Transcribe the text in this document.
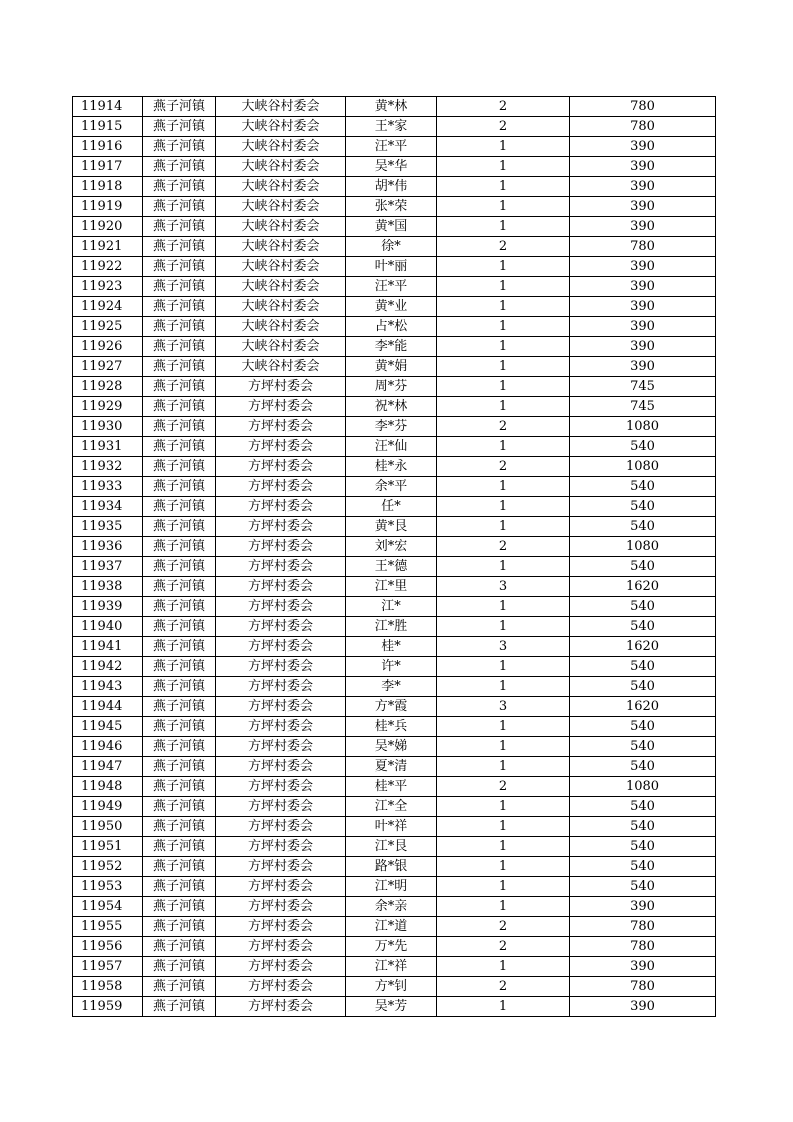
11914	燕子河镇	大峡谷村委会	黄*林	2	780
11915	燕子河镇	大峡谷村委会	王*家	2	780
11916	燕子河镇	大峡谷村委会	汪*平	1	390
11917	燕子河镇	大峡谷村委会	吴*华	1	390
11918	燕子河镇	大峡谷村委会	胡*伟	1	390
11919	燕子河镇	大峡谷村委会	张*荣	1	390
11920	燕子河镇	大峡谷村委会	黄*国	1	390
11921	燕子河镇	大峡谷村委会	徐*	2	780
11922	燕子河镇	大峡谷村委会	叶*丽	1	390
11923	燕子河镇	大峡谷村委会	汪*平	1	390
11924	燕子河镇	大峡谷村委会	黄*业	1	390
11925	燕子河镇	大峡谷村委会	占*松	1	390
11926	燕子河镇	大峡谷村委会	李*能	1	390
11927	燕子河镇	大峡谷村委会	黄*娟	1	390
11928	燕子河镇	方坪村委会	周*芬	1	745
11929	燕子河镇	方坪村委会	祝*林	1	745
11930	燕子河镇	方坪村委会	李*芬	2	1080
11931	燕子河镇	方坪村委会	汪*仙	1	540
11932	燕子河镇	方坪村委会	桂*永	2	1080
11933	燕子河镇	方坪村委会	余*平	1	540
11934	燕子河镇	方坪村委会	任*	1	540
11935	燕子河镇	方坪村委会	黄*艮	1	540
11936	燕子河镇	方坪村委会	刘*宏	2	1080
11937	燕子河镇	方坪村委会	王*德	1	540
11938	燕子河镇	方坪村委会	江*里	3	1620
11939	燕子河镇	方坪村委会	江*	1	540
11940	燕子河镇	方坪村委会	江*胜	1	540
11941	燕子河镇	方坪村委会	桂*	3	1620
11942	燕子河镇	方坪村委会	许*	1	540
11943	燕子河镇	方坪村委会	李*	1	540
11944	燕子河镇	方坪村委会	方*霞	3	1620
11945	燕子河镇	方坪村委会	桂*兵	1	540
11946	燕子河镇	方坪村委会	吴*娣	1	540
11947	燕子河镇	方坪村委会	夏*清	1	540
11948	燕子河镇	方坪村委会	桂*平	2	1080
11949	燕子河镇	方坪村委会	江*全	1	540
11950	燕子河镇	方坪村委会	叶*祥	1	540
11951	燕子河镇	方坪村委会	江*艮	1	540
11952	燕子河镇	方坪村委会	路*银	1	540
11953	燕子河镇	方坪村委会	江*明	1	540
11954	燕子河镇	方坪村委会	余*亲	1	390
11955	燕子河镇	方坪村委会	江*道	2	780
11956	燕子河镇	方坪村委会	万*先	2	780
11957	燕子河镇	方坪村委会	江*祥	1	390
11958	燕子河镇	方坪村委会	方*钊	2	780
11959	燕子河镇	方坪村委会	吴*芳	1	390
